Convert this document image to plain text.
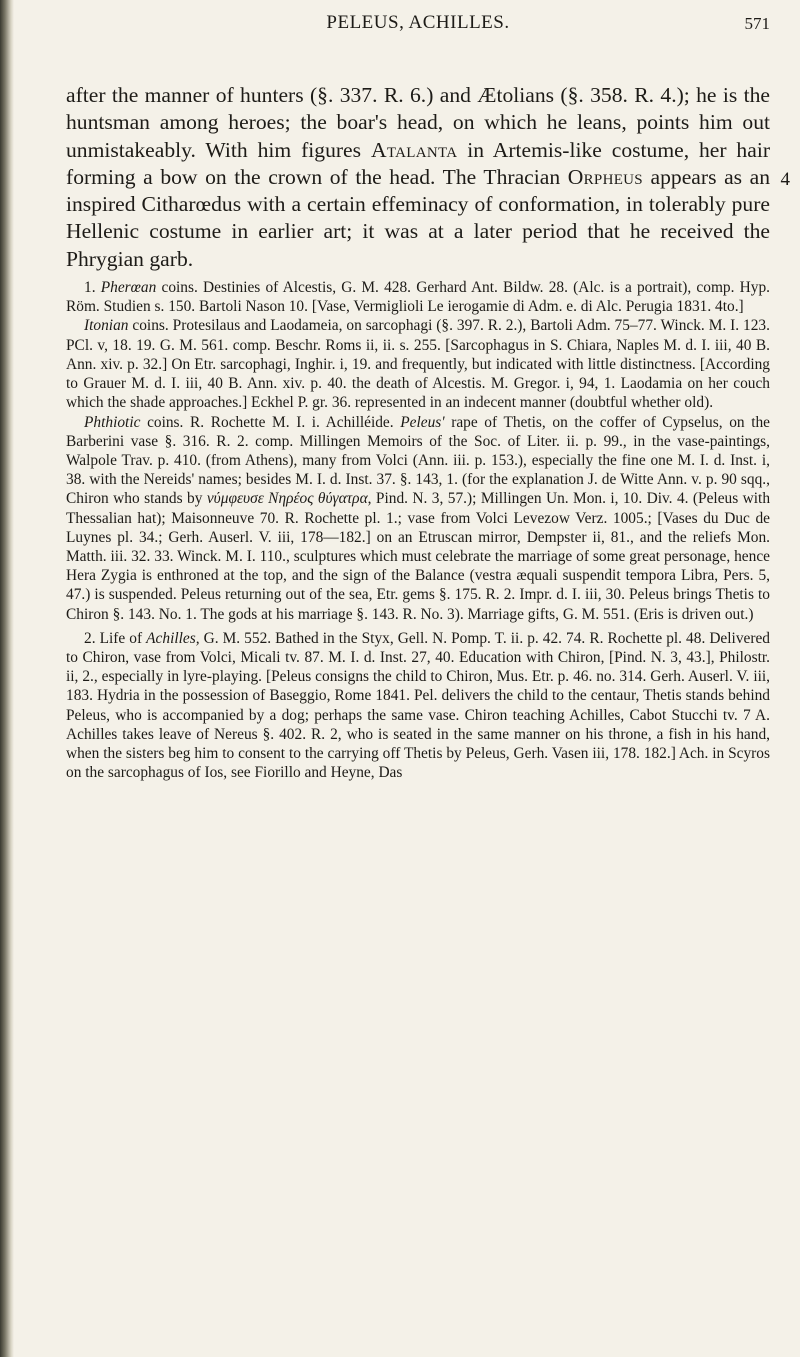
PELEUS, ACHILLES.	571
after the manner of hunters (§. 337. R. 6.) and Ætolians (§. 358. R. 4.); he is the huntsman among heroes; the boar's head, on which he leans, points him out unmistakeably. With him figures Atalanta in Artemis-like costume, her hair forming a bow on the crown of the head. The Thracian Orpheus appears as an inspired Citharœdus with a certain effeminacy of conformation, in tolerably pure Hellenic costume in earlier art; it was at a later period that he received the Phrygian garb.
4

1. Pherœan coins. Destinies of Alcestis, G. M. 428. Gerhard Ant. Bildw. 28. (Alc. is a portrait), comp. Hyp. Röm. Studien s. 150. Bartoli Nason 10. [Vase, Vermiglioli Le ierogamie di Adm. e. di Alc. Perugia 1831. 4to.]

Itonian coins. Protesilaus and Laodameia, on sarcophagi (§. 397. R. 2.), Bartoli Adm. 75–77. Winck. M. I. 123. PCl. v, 18. 19. G. M. 561. comp. Beschr. Roms ii, ii. s. 255. [Sarcophagus in S. Chiara, Naples M. d. I. iii, 40 B. Ann. xiv. p. 32.] On Etr. sarcophagi, Inghir. i, 19. and frequently, but indicated with little distinctness. [According to Grauer M. d. I. iii, 40 B. Ann. xiv. p. 40. the death of Alcestis. M. Gregor. i, 94, 1. Laodamia on her couch which the shade approaches.] Eckhel P. gr. 36. represented in an indecent manner (doubtful whether old).

Phthiotic coins. R. Rochette M. I. i. Achilléide. Peleus' rape of Thetis, on the coffer of Cypselus, on the Barberini vase §. 316. R. 2. comp. Millingen Memoirs of the Soc. of Liter. ii. p. 99., in the vase-paintings, Walpole Trav. p. 410. (from Athens), many from Volci (Ann. iii. p. 153.), especially the fine one M. I. d. Inst. i, 38. with the Nereids' names; besides M. I. d. Inst. 37. §. 143, 1. (for the explanation J. de Witte Ann. v. p. 90 sqq., Chiron who stands by νύμφευσε Νηρέος θύγατρα, Pind. N. 3, 57.); Millingen Un. Mon. i, 10. Div. 4. (Peleus with Thessalian hat); Maisonneuve 70. R. Rochette pl. 1.; vase from Volci Levezow Verz. 1005.; [Vases du Duc de Luynes pl. 34.; Gerh. Auserl. V. iii, 178—182.] on an Etruscan mirror, Dempster ii, 81., and the reliefs Mon. Matth. iii. 32. 33. Winck. M. I. 110., sculptures which must celebrate the marriage of some great personage, hence Hera Zygia is enthroned at the top, and the sign of the Balance (vestra æquali suspendit tempora Libra, Pers. 5, 47.) is suspended. Peleus returning out of the sea, Etr. gems §. 175. R. 2. Impr. d. I. iii, 30. Peleus brings Thetis to Chiron §. 143. No. 1. The gods at his marriage §. 143. R. No. 3). Marriage gifts, G. M. 551. (Eris is driven out.)

2. Life of Achilles, G. M. 552. Bathed in the Styx, Gell. N. Pomp. T. ii. p. 42. 74. R. Rochette pl. 48. Delivered to Chiron, vase from Volci, Micali tv. 87. M. I. d. Inst. 27, 40. Education with Chiron, [Pind. N. 3, 43.], Philostr. ii, 2., especially in lyre-playing. [Peleus consigns the child to Chiron, Mus. Etr. p. 46. no. 314. Gerh. Auserl. V. iii, 183. Hydria in the possession of Baseggio, Rome 1841. Pel. delivers the child to the centaur, Thetis stands behind Peleus, who is accompanied by a dog; perhaps the same vase. Chiron teaching Achilles, Cabot Stucchi tv. 7 A. Achilles takes leave of Nereus §. 402. R. 2, who is seated in the same manner on his throne, a fish in his hand, when the sisters beg him to consent to the carrying off Thetis by Peleus, Gerh. Vasen iii, 178. 182.] Ach. in Scyros on the sarcophagus of Ios, see Fiorillo and Heyne, Das
